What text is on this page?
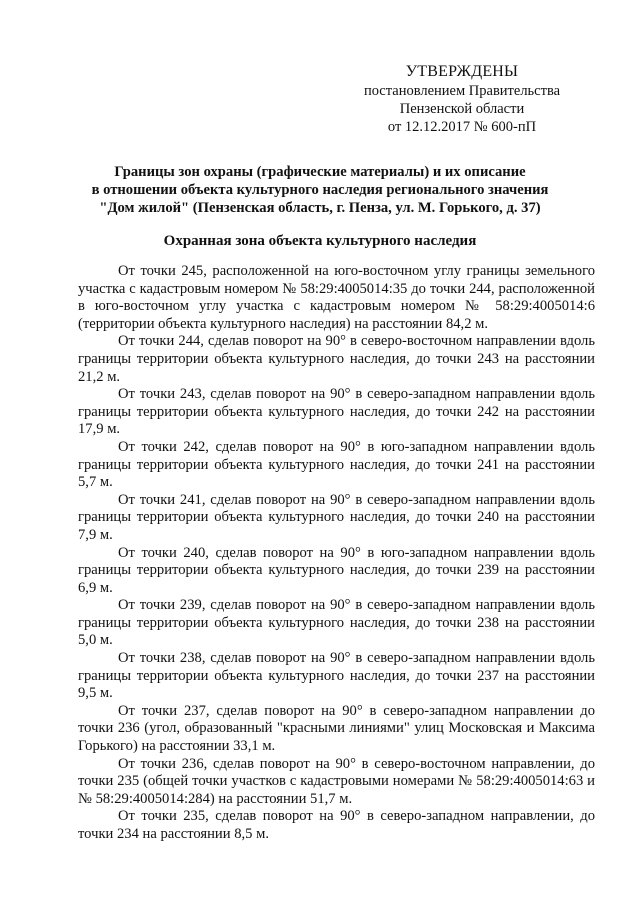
УТВЕРЖДЕНЫ
постановлением Правительства
Пензенской области
от 12.12.2017 № 600-пП
Границы зон охраны (графические материалы) и их описание
в отношении объекта культурного наследия регионального значения
"Дом жилой" (Пензенская область, г. Пенза, ул. М. Горького, д. 37)
Охранная зона объекта культурного наследия

От точки 245, расположенной на юго-восточном углу границы земельного участка с кадастровым номером № 58:29:4005014:35 до точки 244, расположенной в юго-восточном углу участка с кадастровым номером № 58:29:4005014:6 (территории объекта культурного наследия) на расстоянии 84,2 м.

От точки 244, сделав поворот на 90° в северо-восточном направлении вдоль границы территории объекта культурного наследия, до точки 243 на расстоянии 21,2 м.

От точки 243, сделав поворот на 90° в северо-западном направлении вдоль границы территории объекта культурного наследия, до точки 242 на расстоянии 17,9 м.

От точки 242, сделав поворот на 90° в юго-западном направлении вдоль границы территории объекта культурного наследия, до точки 241 на расстоянии 5,7 м.

От точки 241, сделав поворот на 90° в северо-западном направлении вдоль границы территории объекта культурного наследия, до точки 240 на расстоянии 7,9 м.

От точки 240, сделав поворот на 90° в юго-западном направлении вдоль границы территории объекта культурного наследия, до точки 239 на расстоянии 6,9 м.

От точки 239, сделав поворот на 90° в северо-западном направлении вдоль границы территории объекта культурного наследия, до точки 238 на расстоянии 5,0 м.

От точки 238, сделав поворот на 90° в северо-западном направлении вдоль границы территории объекта культурного наследия, до точки 237 на расстоянии 9,5 м.

От точки 237, сделав поворот на 90° в северо-западном направлении до точки 236 (угол, образованный "красными линиями" улиц Московская и Максима Горького) на расстоянии 33,1 м.

От точки 236, сделав поворот на 90° в северо-восточном направлении, до точки 235 (общей точки участков с кадастровыми номерами № 58:29:4005014:63 и № 58:29:4005014:284) на расстоянии 51,7 м.

От точки 235, сделав поворот на 90° в северо-западном направлении, до точки 234 на расстоянии 8,5 м.
